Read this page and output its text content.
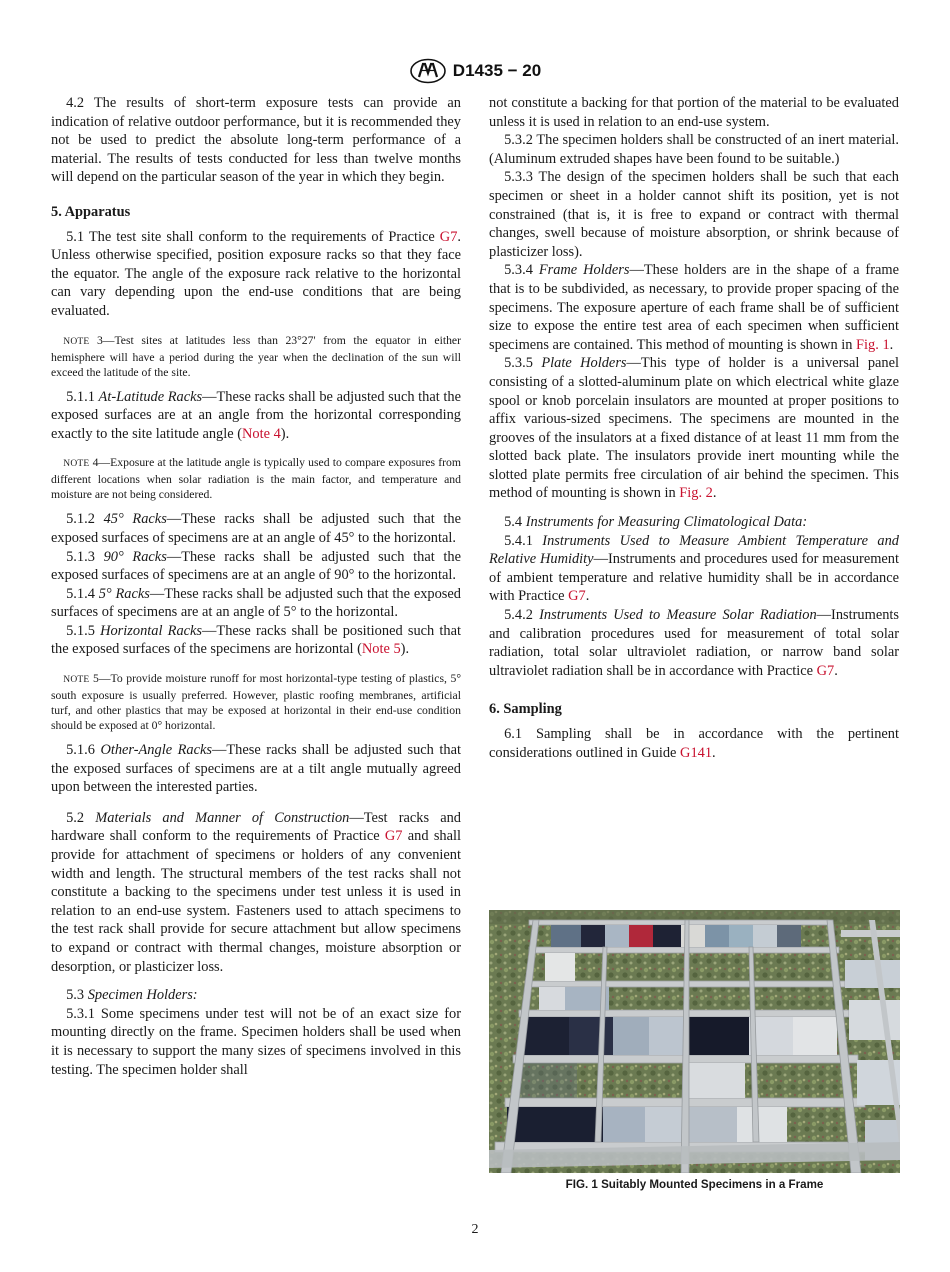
D1435 − 20

4.2 The results of short-term exposure tests can provide an indication of relative outdoor performance, but it is recommended they not be used to predict the absolute long-term performance of a material. The results of tests conducted for less than twelve months will depend on the particular season of the year in which they begin.

5. Apparatus

5.1 The test site shall conform to the requirements of Practice G7. Unless otherwise specified, position exposure racks so that they face the equator. The angle of the exposure rack relative to the horizontal can vary depending upon the end-use conditions that are being evaluated.

NOTE 3—Test sites at latitudes less than 23°27' from the equator in either hemisphere will have a period during the year when the declination of the sun will exceed the latitude of the site.

5.1.1 At-Latitude Racks—These racks shall be adjusted such that the exposed surfaces are at an angle from the horizontal corresponding exactly to the site latitude angle (Note 4).

NOTE 4—Exposure at the latitude angle is typically used to compare exposures from different locations when solar radiation is the main factor, and temperature and moisture are not being considered.

5.1.2 45° Racks—These racks shall be adjusted such that the exposed surfaces of specimens are at an angle of 45° to the horizontal.

5.1.3 90° Racks—These racks shall be adjusted such that the exposed surfaces of specimens are at an angle of 90° to the horizontal.

5.1.4 5° Racks—These racks shall be adjusted such that the exposed surfaces of specimens are at an angle of 5° to the horizontal.

5.1.5 Horizontal Racks—These racks shall be positioned such that the exposed surfaces of the specimens are horizontal (Note 5).

NOTE 5—To provide moisture runoff for most horizontal-type testing of plastics, 5° south exposure is usually preferred. However, plastic roofing membranes, artificial turf, and other plastics that may be exposed at horizontal in their end-use condition should be exposed at 0° horizontal.

5.1.6 Other-Angle Racks—These racks shall be adjusted such that the exposed surfaces of specimens are at a tilt angle mutually agreed upon between the interested parties.

5.2 Materials and Manner of Construction—Test racks and hardware shall conform to the requirements of Practice G7 and shall provide for attachment of specimens or holders of any convenient width and length. The structural members of the test racks shall not constitute a backing to the specimens under test unless it is used in relation to an end-use system. Fasteners used to attach specimens to the test rack shall provide for secure attachment but allow specimens to expand or contract with thermal changes, moisture absorption or desorption, or plasticizer loss.

5.3 Specimen Holders:

5.3.1 Some specimens under test will not be of an exact size for mounting directly on the frame. Specimen holders shall be used when it is necessary to support the many sizes of specimens involved in this testing. The specimen holder shall

not constitute a backing for that portion of the material to be evaluated unless it is used in relation to an end-use system.

5.3.2 The specimen holders shall be constructed of an inert material. (Aluminum extruded shapes have been found to be suitable.)

5.3.3 The design of the specimen holders shall be such that each specimen or sheet in a holder cannot shift its position, yet is not constrained (that is, it is free to expand or contract with thermal changes, swell because of moisture absorption, or shrink because of plasticizer loss).

5.3.4 Frame Holders—These holders are in the shape of a frame that is to be subdivided, as necessary, to provide proper spacing of the specimens. The exposure aperture of each frame shall be of sufficient size to expose the entire test area of each specimen when sufficient specimens are contained. This method of mounting is shown in Fig. 1.

5.3.5 Plate Holders—This type of holder is a universal panel consisting of a slotted-aluminum plate on which electrical white glaze spool or knob porcelain insulators are mounted at proper positions to affix various-sized specimens. The specimens are mounted in the grooves of the insulators at a fixed distance of at least 11 mm from the slotted back plate. The insulators provide inert mounting while the slotted plate permits free circulation of air behind the specimen. This method of mounting is shown in Fig. 2.

5.4 Instruments for Measuring Climatological Data:

5.4.1 Instruments Used to Measure Ambient Temperature and Relative Humidity—Instruments and procedures used for measurement of ambient temperature and relative humidity shall be in accordance with Practice G7.

5.4.2 Instruments Used to Measure Solar Radiation—Instruments and calibration procedures used for measurement of total solar radiation, total solar ultraviolet radiation, or narrow band solar ultraviolet radiation shall be in accordance with Practice G7.

6. Sampling

6.1 Sampling shall be in accordance with the pertinent considerations outlined in Guide G141.

FIG. 1 Suitably Mounted Specimens in a Frame
2
